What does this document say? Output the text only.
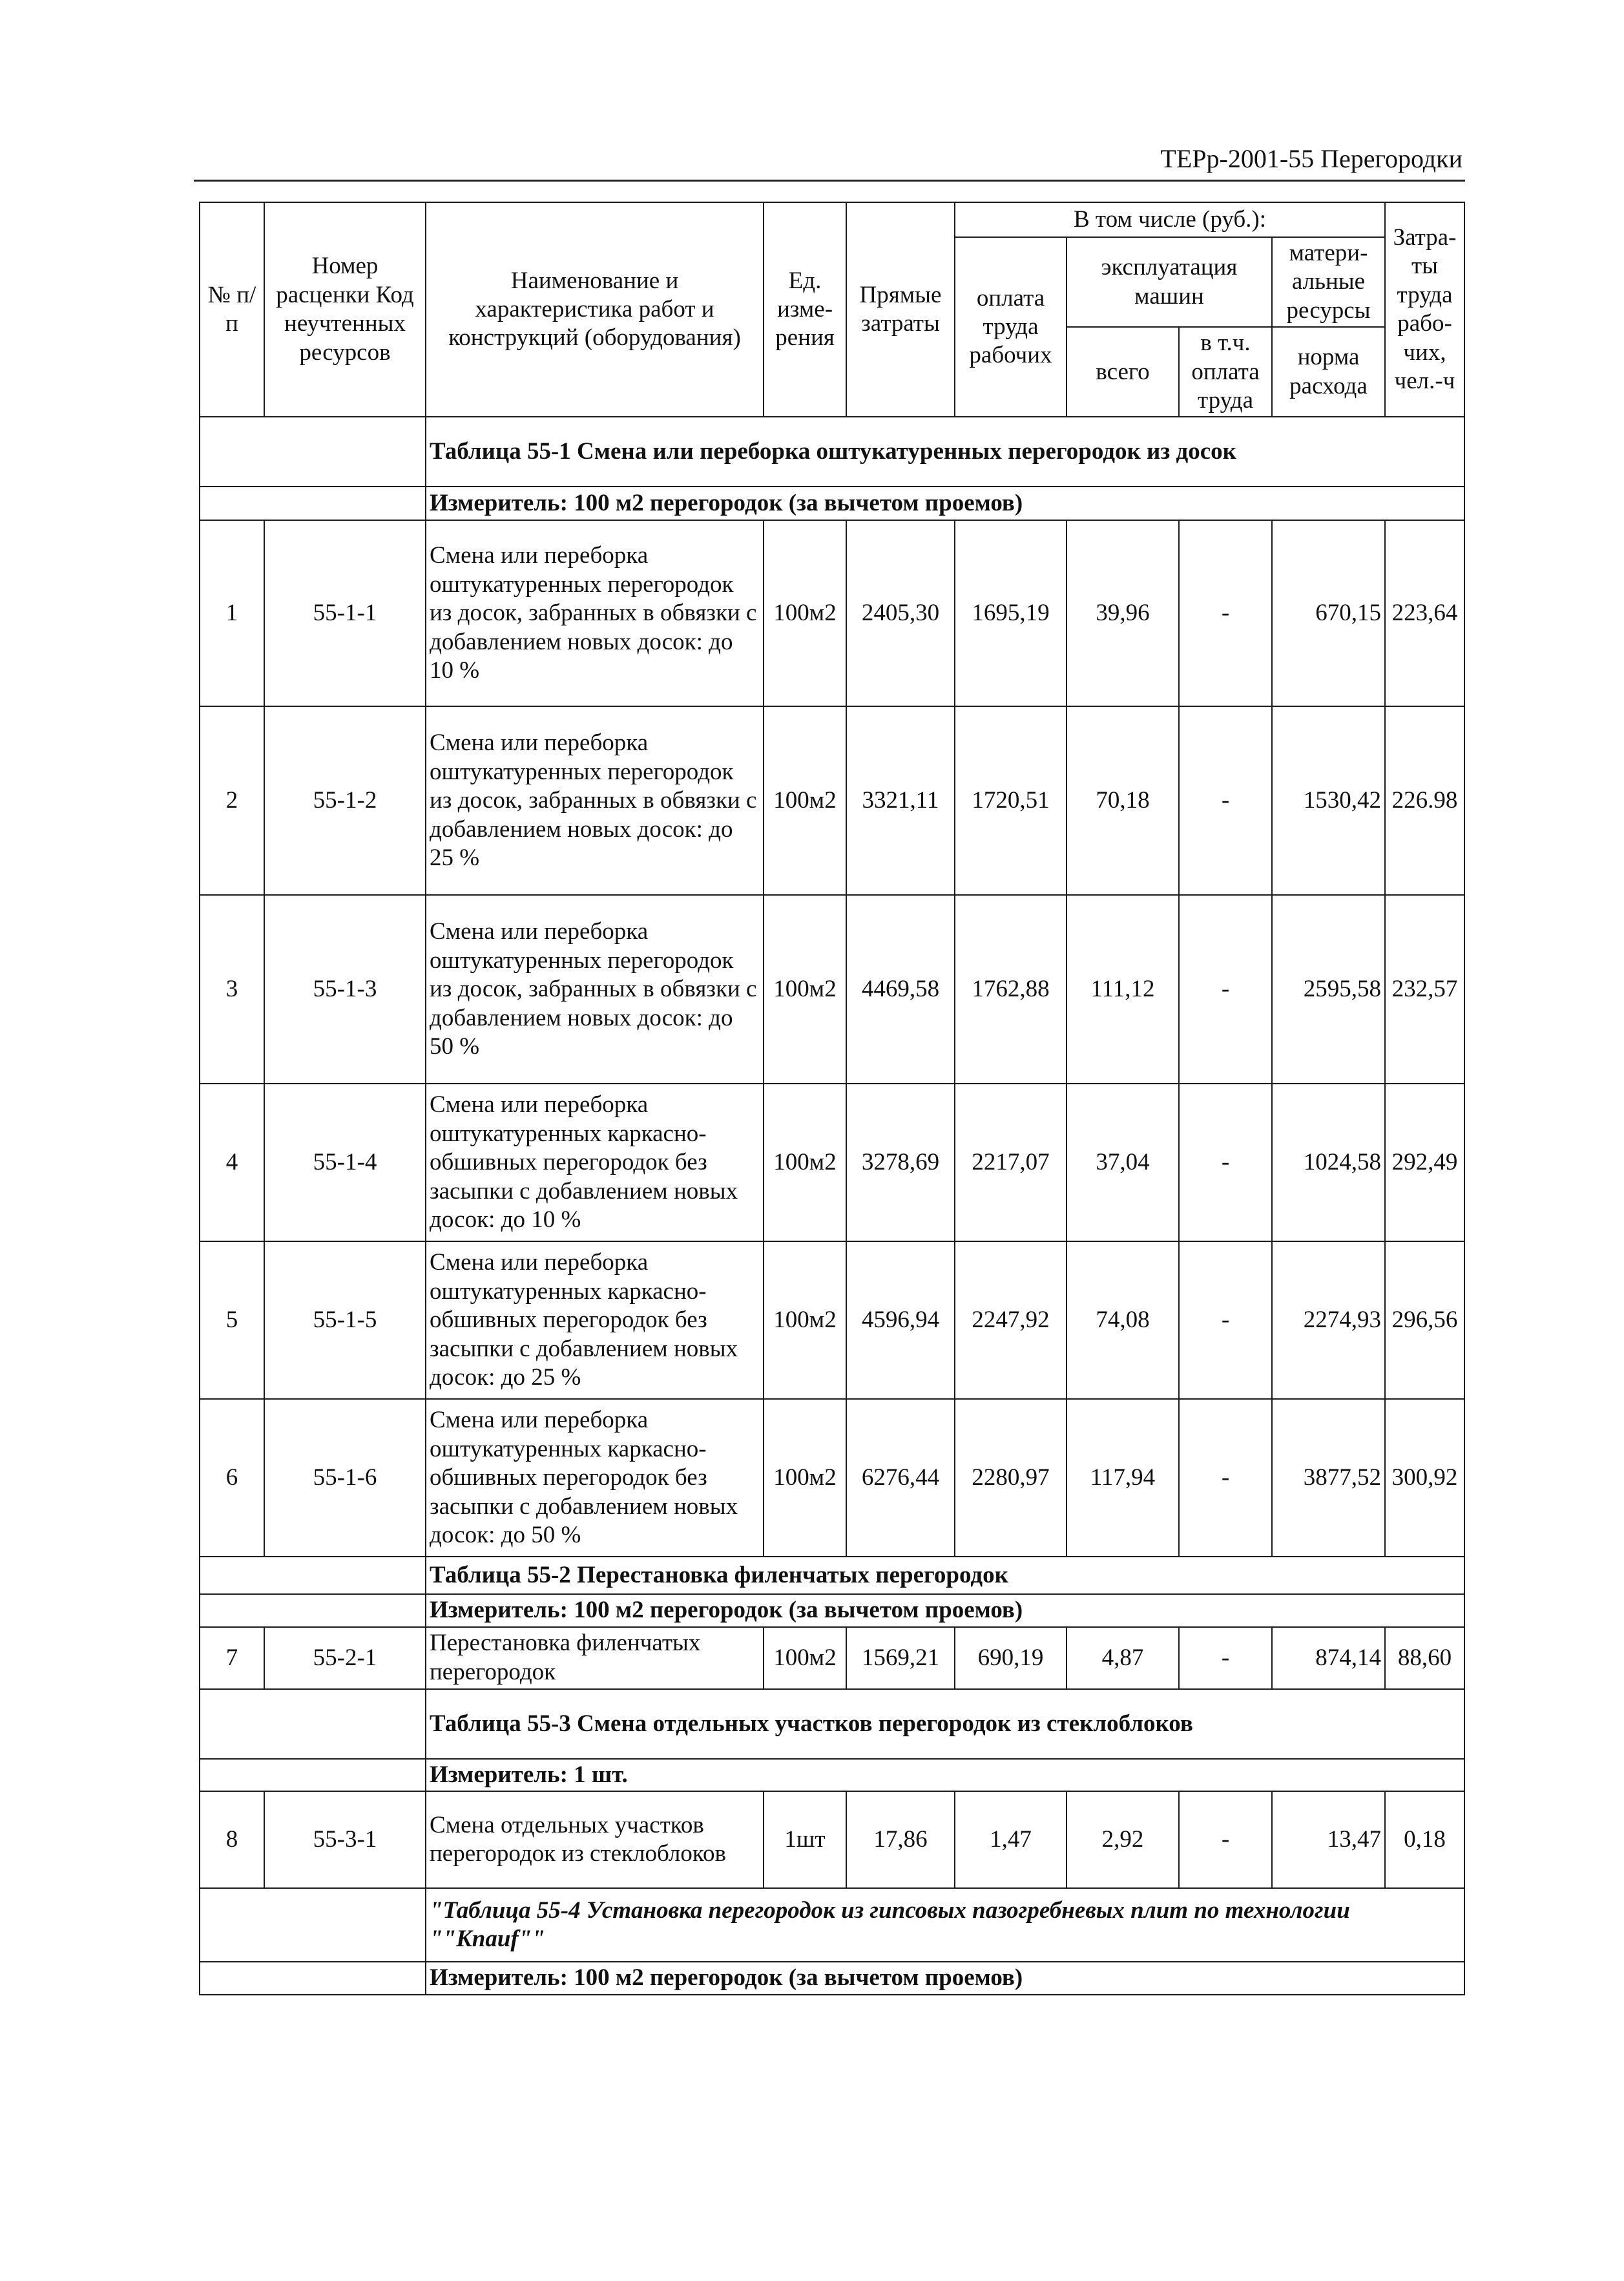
ТЕРр-2001-55 Перегородки
№ п/п	Номер расценки Код неучтенных ресурсов	Наименование и характеристика работ и конструкций (оборудования)	Ед. изме-рения	Прямые затраты	В том числе (руб.):				Затра-ты труда рабо-чих, чел.-ч
					оплата труда рабочих	эксплуатация машин		матери-альные ресурсы	
						всего	в т.ч. оплата труда	норма расхода	

		Таблица 55-1 Смена или переборка оштукатуренных перегородок из досок							
		Измеритель: 100 м2 перегородок (за вычетом проемов)							
1	55-1-1	Смена или переборка оштукатуренных перегородок из досок, забранных в обвязки с добавлением новых досок: до 10 %	100м2	2405,30	1695,19	39,96	-	670,15	223,64
2	55-1-2	Смена или переборка оштукатуренных перегородок из досок, забранных в обвязки с добавлением новых досок: до 25 %	100м2	3321,11	1720,51	70,18	-	1530,42	226.98
3	55-1-3	Смена или переборка оштукатуренных перегородок из досок, забранных в обвязки с добавлением новых досок: до 50 %	100м2	4469,58	1762,88	111,12	-	2595,58	232,57
4	55-1-4	Смена или переборка оштукатуренных каркасно-обшивных перегородок без засыпки с добавлением новых досок: до 10 %	100м2	3278,69	2217,07	37,04	-	1024,58	292,49
5	55-1-5	Смена или переборка оштукатуренных каркасно-обшивных перегородок без засыпки с добавлением новых досок: до 25 %	100м2	4596,94	2247,92	74,08	-	2274,93	296,56
6	55-1-6	Смена или переборка оштукатуренных каркасно-обшивных перегородок без засыпки с добавлением новых досок: до 50 %	100м2	6276,44	2280,97	117,94	-	3877,52	300,92
		Таблица 55-2 Перестановка филенчатых перегородок							
		Измеритель: 100 м2 перегородок (за вычетом проемов)							
7	55-2-1	Перестановка филенчатых перегородок	100м2	1569,21	690,19	4,87	-	874,14	88,60
		Таблица 55-3 Смена отдельных участков перегородок из стеклоблоков							
		Измеритель: 1 шт.							
8	55-3-1	Смена отдельных участков перегородок из стеклоблоков	1шт	17,86	1,47	2,92	-	13,47	0,18
		"Таблица 55-4 Установка перегородок из гипсовых пазогребневых плит по технологии ""Knauf""							
		Измеритель: 100 м2 перегородок (за вычетом проемов)							
